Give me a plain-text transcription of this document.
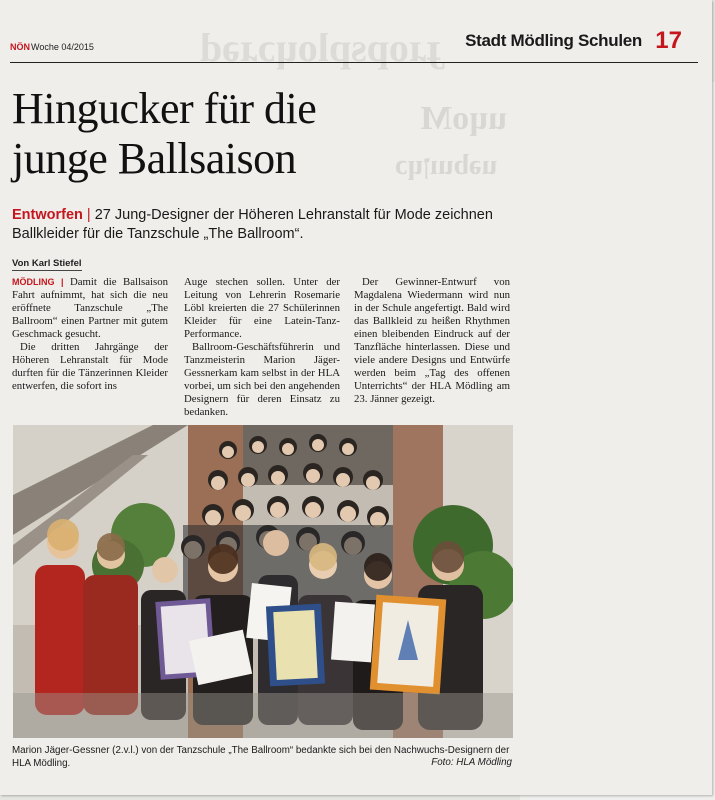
ɟɹopsploɥɔɹǝd
uɥoM
uǝbuıןɥɔ
NÖN Woche 04/2015	Stadt Mödling Schulen 17
Hingucker für die
junge Ballsaison
Entworfen | 27 Jung-Designer der Höheren Lehranstalt für Mode zeichnen Ballkleider für die Tanzschule „The Ballroom“.
Von Karl Stiefel

MÖDLING | Damit die Ballsaison Fahrt aufnimmt, hat sich die neu eröffnete Tanzschule „The Ballroom“ einen Partner mit gutem Geschmack gesucht.

Die dritten Jahrgänge der Höheren Lehranstalt für Mode durften für die Tänzerinnen Kleider entwerfen, die sofort ins

Auge stechen sollen. Unter der Leitung von Lehrerin Rosemarie Löbl kreierten die 27 Schülerinnen Kleider für eine Latein-Tanz-Performance.

Ballroom-Geschäftsführerin und Tanzmeisterin Marion Jäger-Gessnerkam kam selbst in der HLA vorbei, um sich bei den angehenden Designern für deren Einsatz zu bedanken.

Der Gewinner-Entwurf von Magdalena Wiedermann wird nun in der Schule angefertigt. Bald wird das Ballkleid zu heißen Rhythmen einen bleibenden Eindruck auf der Tanzfläche hinterlassen. Diese und viele andere Designs und Entwürfe werden beim „Tag des offenen Unterrichts“ der HLA Mödling am 23. Jänner gezeigt.

Marion Jäger-Gessner (2.v.l.) von der Tanzschule „The Ballroom“ bedankte sich bei den Nachwuchs-Designern der HLA Mödling.	Foto: HLA Mödling
